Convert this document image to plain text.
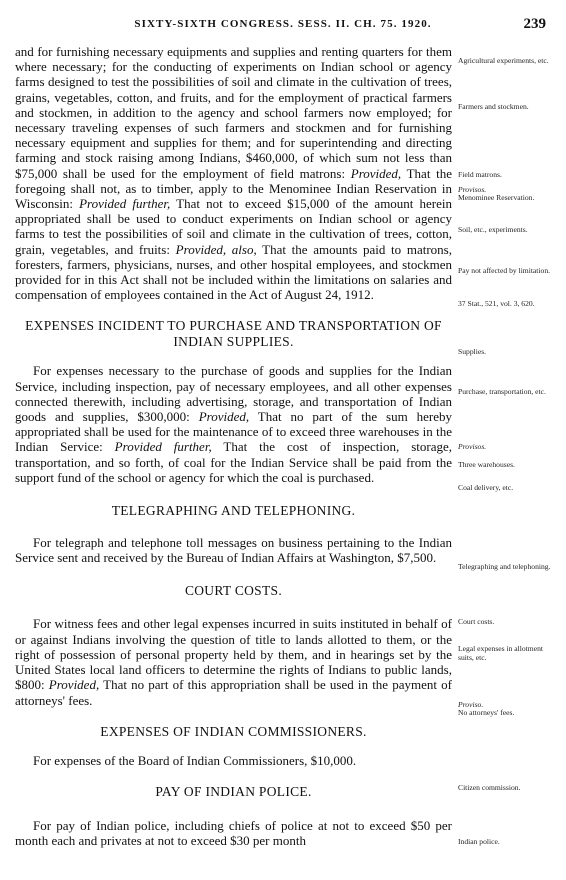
SIXTY-SIXTH CONGRESS. SESS. II. CH. 75. 1920.	239

and for furnishing necessary equipments and supplies and renting quarters for them where necessary; for the conducting of experiments on Indian school or agency farms designed to test the possibilities of soil and climate in the cultivation of trees, grains, vegetables, cotton, and fruits, and for the employment of practical farmers and stockmen, in addition to the agency and school farmers now employed; for necessary traveling expenses of such farmers and stockmen and for furnishing necessary equipment and supplies for them; and for superintending and directing farming and stock raising among Indians, $460,000, of which sum not less than $75,000 shall be used for the employment of field matrons: Provided, That the foregoing shall not, as to timber, apply to the Menominee Indian Reservation in Wisconsin: Provided further, That not to exceed $15,000 of the amount herein appropriated shall be used to conduct experiments on Indian school or agency farms to test the possibilities of soil and climate in the cultivation of trees, cotton, grain, vegetables, and fruits: Provided, also, That the amounts paid to matrons, foresters, farmers, physicians, nurses, and other hospital employees, and stockmen provided for in this Act shall not be included within the limitations on salaries and compensation of employees contained in the Act of August 24, 1912.

EXPENSES INCIDENT TO PURCHASE AND TRANSPORTATION OF INDIAN SUPPLIES.

For expenses necessary to the purchase of goods and supplies for the Indian Service, including inspection, pay of necessary employees, and all other expenses connected therewith, including advertising, storage, and transportation of Indian goods and supplies, $300,000: Provided, That no part of the sum hereby appropriated shall be used for the maintenance of to exceed three warehouses in the Indian Service: Provided further, That the cost of inspection, storage, transportation, and so forth, of coal for the Indian Service shall be paid from the support fund of the school or agency for which the coal is purchased.

TELEGRAPHING AND TELEPHONING.

For telegraph and telephone toll messages on business pertaining to the Indian Service sent and received by the Bureau of Indian Affairs at Washington, $7,500.

COURT COSTS.

For witness fees and other legal expenses incurred in suits instituted in behalf of or against Indians involving the question of title to lands allotted to them, or the right of possession of personal property held by them, and in hearings set by the United States local land officers to determine the rights of Indians to public lands, $800: Provided, That no part of this appropriation shall be used in the payment of attorneys' fees.

EXPENSES OF INDIAN COMMISSIONERS.

For expenses of the Board of Indian Commissioners, $10,000.

PAY OF INDIAN POLICE.

For pay of Indian police, including chiefs of police at not to exceed $50 per month each and privates at not to exceed $30 per month

Agricultural experiments, etc.
Farmers and stockmen.
Field matrons.
Provisos.
Menominee Reservation.
Soil, etc., experiments.
Pay not affected by limitation.
37 Stat., 521, vol. 3, 620.
Supplies.
Purchase, transportation, etc.
Provisos.
Three warehouses.
Coal delivery, etc.
Telegraphing and telephoning.
Court costs.
Legal expenses in allotment suits, etc.
Proviso.
No attorneys' fees.
Citizen commission.
Indian police.
